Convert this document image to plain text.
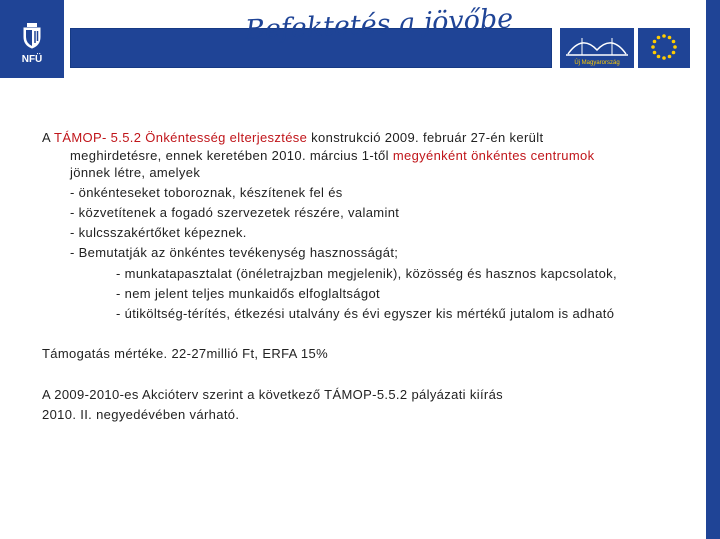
NFÜ
Befektetés a jövőbe
Új Magyarország
A TÁMOP- 5.5.2 Önkéntesség elterjesztése konstrukció 2009. február 27-én került
meghirdetésre, ennek keretében 2010. március 1-től megyénként önkéntes centrumok
jönnek létre, amelyek
- önkénteseket toboroznak, készítenek fel és
- közvetítenek a fogadó szervezetek részére, valamint
- kulcsszakértőket képeznek.
- Bemutatják az önkéntes tevékenység hasznosságát;
- munkatapasztalat (önéletrajzban megjelenik), közösség és hasznos kapcsolatok,
- nem jelent teljes munkaidős elfoglaltságot
- útiköltség-térítés, étkezési utalvány és évi egyszer kis mértékű jutalom is adható
Támogatás mértéke. 22-27millió Ft, ERFA 15%
A 2009-2010-es Akcióterv szerint a következő TÁMOP-5.5.2 pályázati kiírás
2010. II. negyedévében várható.
